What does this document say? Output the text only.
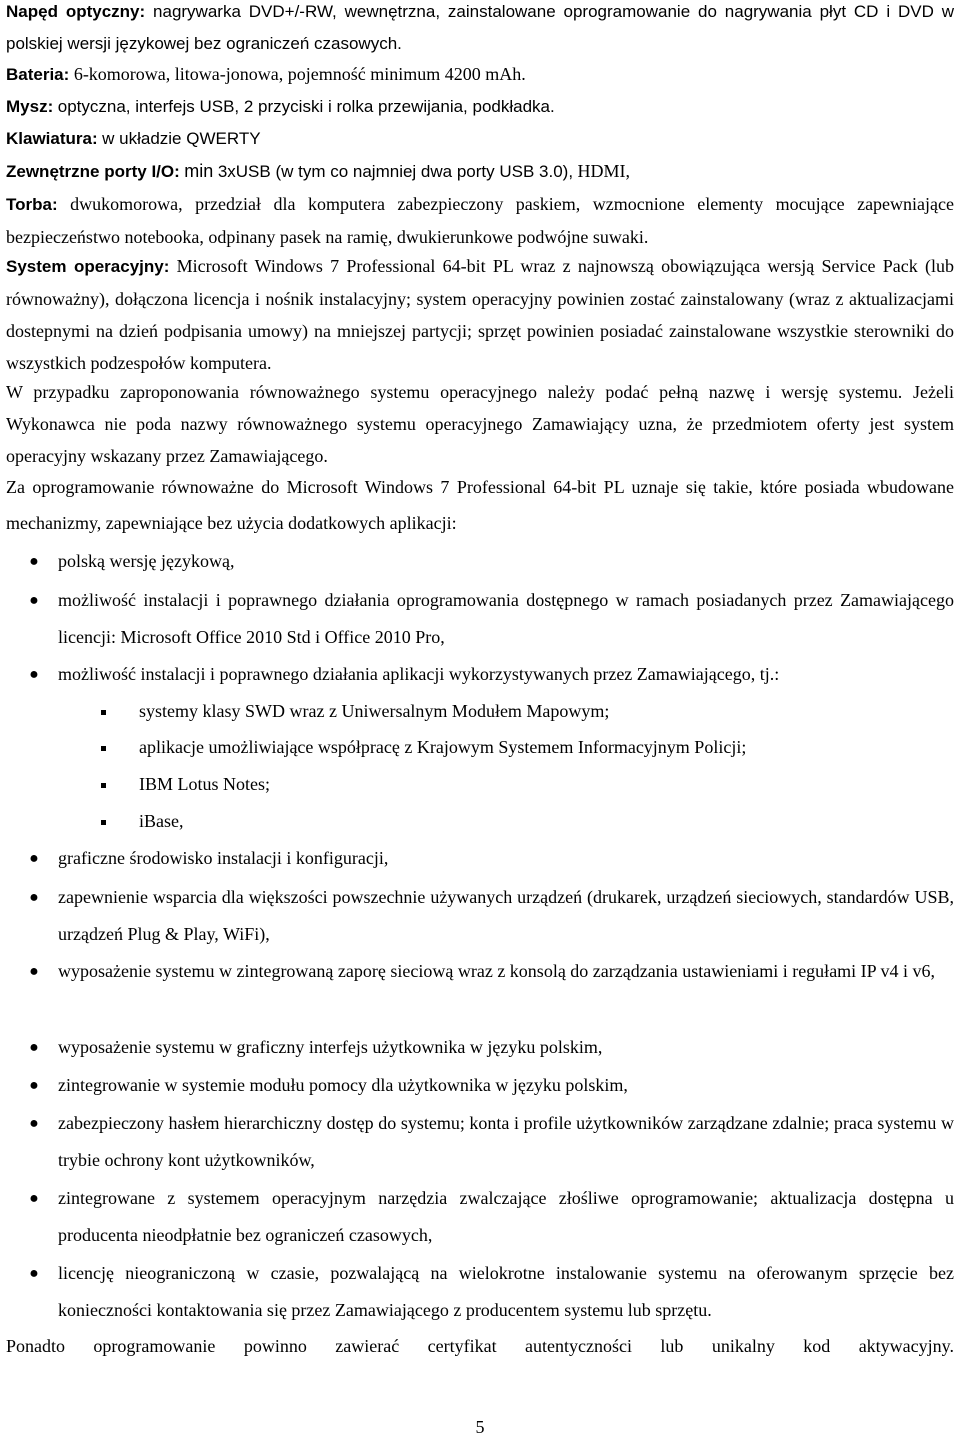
Napęd optyczny: nagrywarka DVD+/-RW, wewnętrzna, zainstalowane oprogramowanie do nagrywania płyt CD i DVD w polskiej wersji językowej bez ograniczeń czasowych.
Bateria: 6-komorowa, litowa-jonowa, pojemność minimum 4200 mAh.
Mysz: optyczna, interfejs USB, 2 przyciski i rolka przewijania, podkładka.
Klawiatura: w układzie QWERTY
Zewnętrzne porty I/O: min 3xUSB (w tym co najmniej dwa porty USB 3.0), HDMI,
Torba: dwukomorowa, przedział dla komputera zabezpieczony paskiem, wzmocnione elementy mocujące zapewniające bezpieczeństwo notebooka, odpinany pasek na ramię, dwukierunkowe podwójne suwaki.
System operacyjny: Microsoft Windows 7 Professional 64-bit PL wraz z najnowszą obowiązująca wersją Service Pack (lub równoważny), dołączona licencja i nośnik instalacyjny; system operacyjny powinien zostać zainstalowany (wraz z aktualizacjami dostepnymi na dzień podpisania umowy) na mniejszej partycji; sprzęt powinien posiadać zainstalowane wszystkie sterowniki do wszystkich podzespołów komputera.
W przypadku zaproponowania równoważnego systemu operacyjnego należy podać pełną nazwę i wersję systemu. Jeżeli Wykonawca nie poda nazwy równoważnego systemu operacyjnego Zamawiający uzna, że przedmiotem oferty jest system operacyjny wskazany przez Zamawiającego.
Za oprogramowanie równoważne do Microsoft Windows 7 Professional 64-bit PL uznaje się takie, które posiada wbudowane mechanizmy, zapewniające bez użycia dodatkowych aplikacji:
● polską wersję językową,
● możliwość instalacji i poprawnego działania oprogramowania dostępnego w ramach posiadanych przez Zamawiającego licencji: Microsoft Office 2010 Std i Office 2010 Pro,
● możliwość instalacji i poprawnego działania aplikacji wykorzystywanych przez Zamawiającego, tj.:
systemy klasy SWD wraz z Uniwersalnym Modułem Mapowym;
aplikacje umożliwiające współpracę z Krajowym Systemem Informacyjnym Policji;
IBM Lotus Notes;
iBase,
● graficzne środowisko instalacji i konfiguracji,
● zapewnienie wsparcia dla większości powszechnie używanych urządzeń (drukarek, urządzeń sieciowych, standardów USB, urządzeń Plug & Play, WiFi),
● wyposażenie systemu w zintegrowaną zaporę sieciową wraz z konsolą do zarządzania ustawieniami i regułami IP v4 i v6,
● wyposażenie systemu w graficzny interfejs użytkownika w języku polskim,
● zintegrowanie w systemie modułu pomocy dla użytkownika w języku polskim,
● zabezpieczony hasłem hierarchiczny dostęp do systemu; konta i profile użytkowników zarządzane zdalnie; praca systemu w trybie ochrony kont użytkowników,
● zintegrowane z systemem operacyjnym narzędzia zwalczające złośliwe oprogramowanie; aktualizacja dostępna u producenta nieodpłatnie bez ograniczeń czasowych,
● licencję nieograniczoną w czasie, pozwalającą na wielokrotne instalowanie systemu na oferowanym sprzęcie bez konieczności kontaktowania się przez Zamawiającego z producentem systemu lub sprzętu.
Ponadto oprogramowanie powinno zawierać certyfikat autentyczności lub unikalny kod aktywacyjny.
5
